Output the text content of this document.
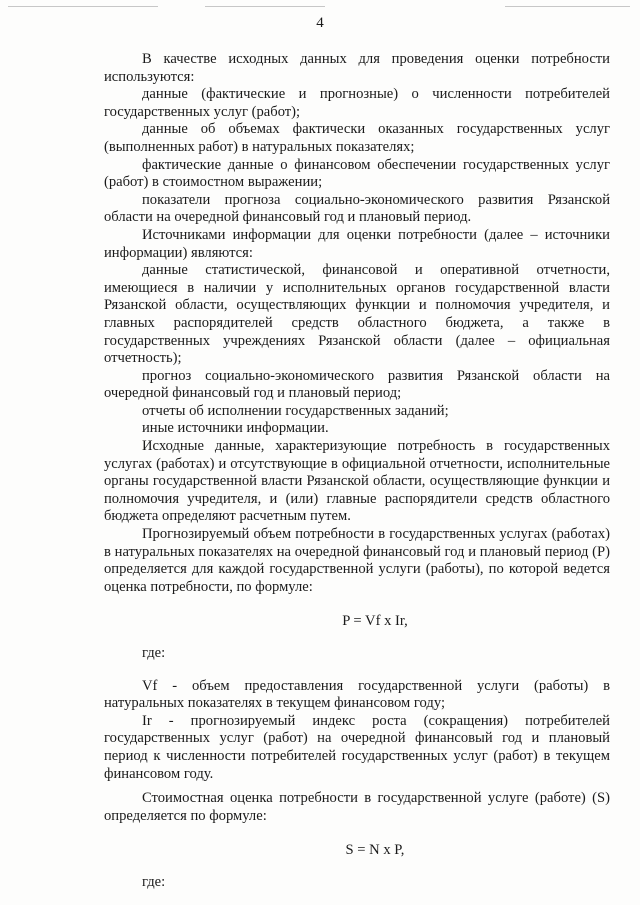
4

В качестве исходных данных для проведения оценки потребности используются:

данные (фактические и прогнозные) о численности потребителей государственных услуг (работ);

данные об объемах фактически оказанных государственных услуг (выполненных работ) в натуральных показателях;

фактические данные о финансовом обеспечении государственных услуг (работ) в стоимостном выражении;

показатели прогноза социально-экономического развития Рязанской области на очередной финансовый год и плановый период.

Источниками информации для оценки потребности (далее – источники информации) являются:

данные статистической, финансовой и оперативной отчетности, имеющиеся в наличии у исполнительных органов государственной власти Рязанской области, осуществляющих функции и полномочия учредителя, и главных распорядителей средств областного бюджета, а также в государственных учреждениях Рязанской области (далее – официальная отчетность);

прогноз социально-экономического развития Рязанской области на очередной финансовый год и плановый период;

отчеты об исполнении государственных заданий;

иные источники информации.

Исходные данные, характеризующие потребность в государственных услугах (работах) и отсутствующие в официальной отчетности, исполнительные органы государственной власти Рязанской области, осуществляющие функции и полномочия учредителя, и (или) главные распорядители средств областного бюджета определяют расчетным путем.

Прогнозируемый объем потребности в государственных услугах (работах) в натуральных показателях на очередной финансовый год и плановый период (P) определяется для каждой государственной услуги (работы), по которой ведется оценка потребности, по формуле:

P = Vf x Ir,

где:

Vf - объем предоставления государственной услуги (работы) в натуральных показателях в текущем финансовом году;

Ir - прогнозируемый индекс роста (сокращения) потребителей государственных услуг (работ) на очередной финансовый год и плановый период к численности потребителей государственных услуг (работ) в текущем финансовом году.

Стоимостная оценка потребности в государственной услуге (работе) (S) определяется по формуле:

S = N x P,

где:
